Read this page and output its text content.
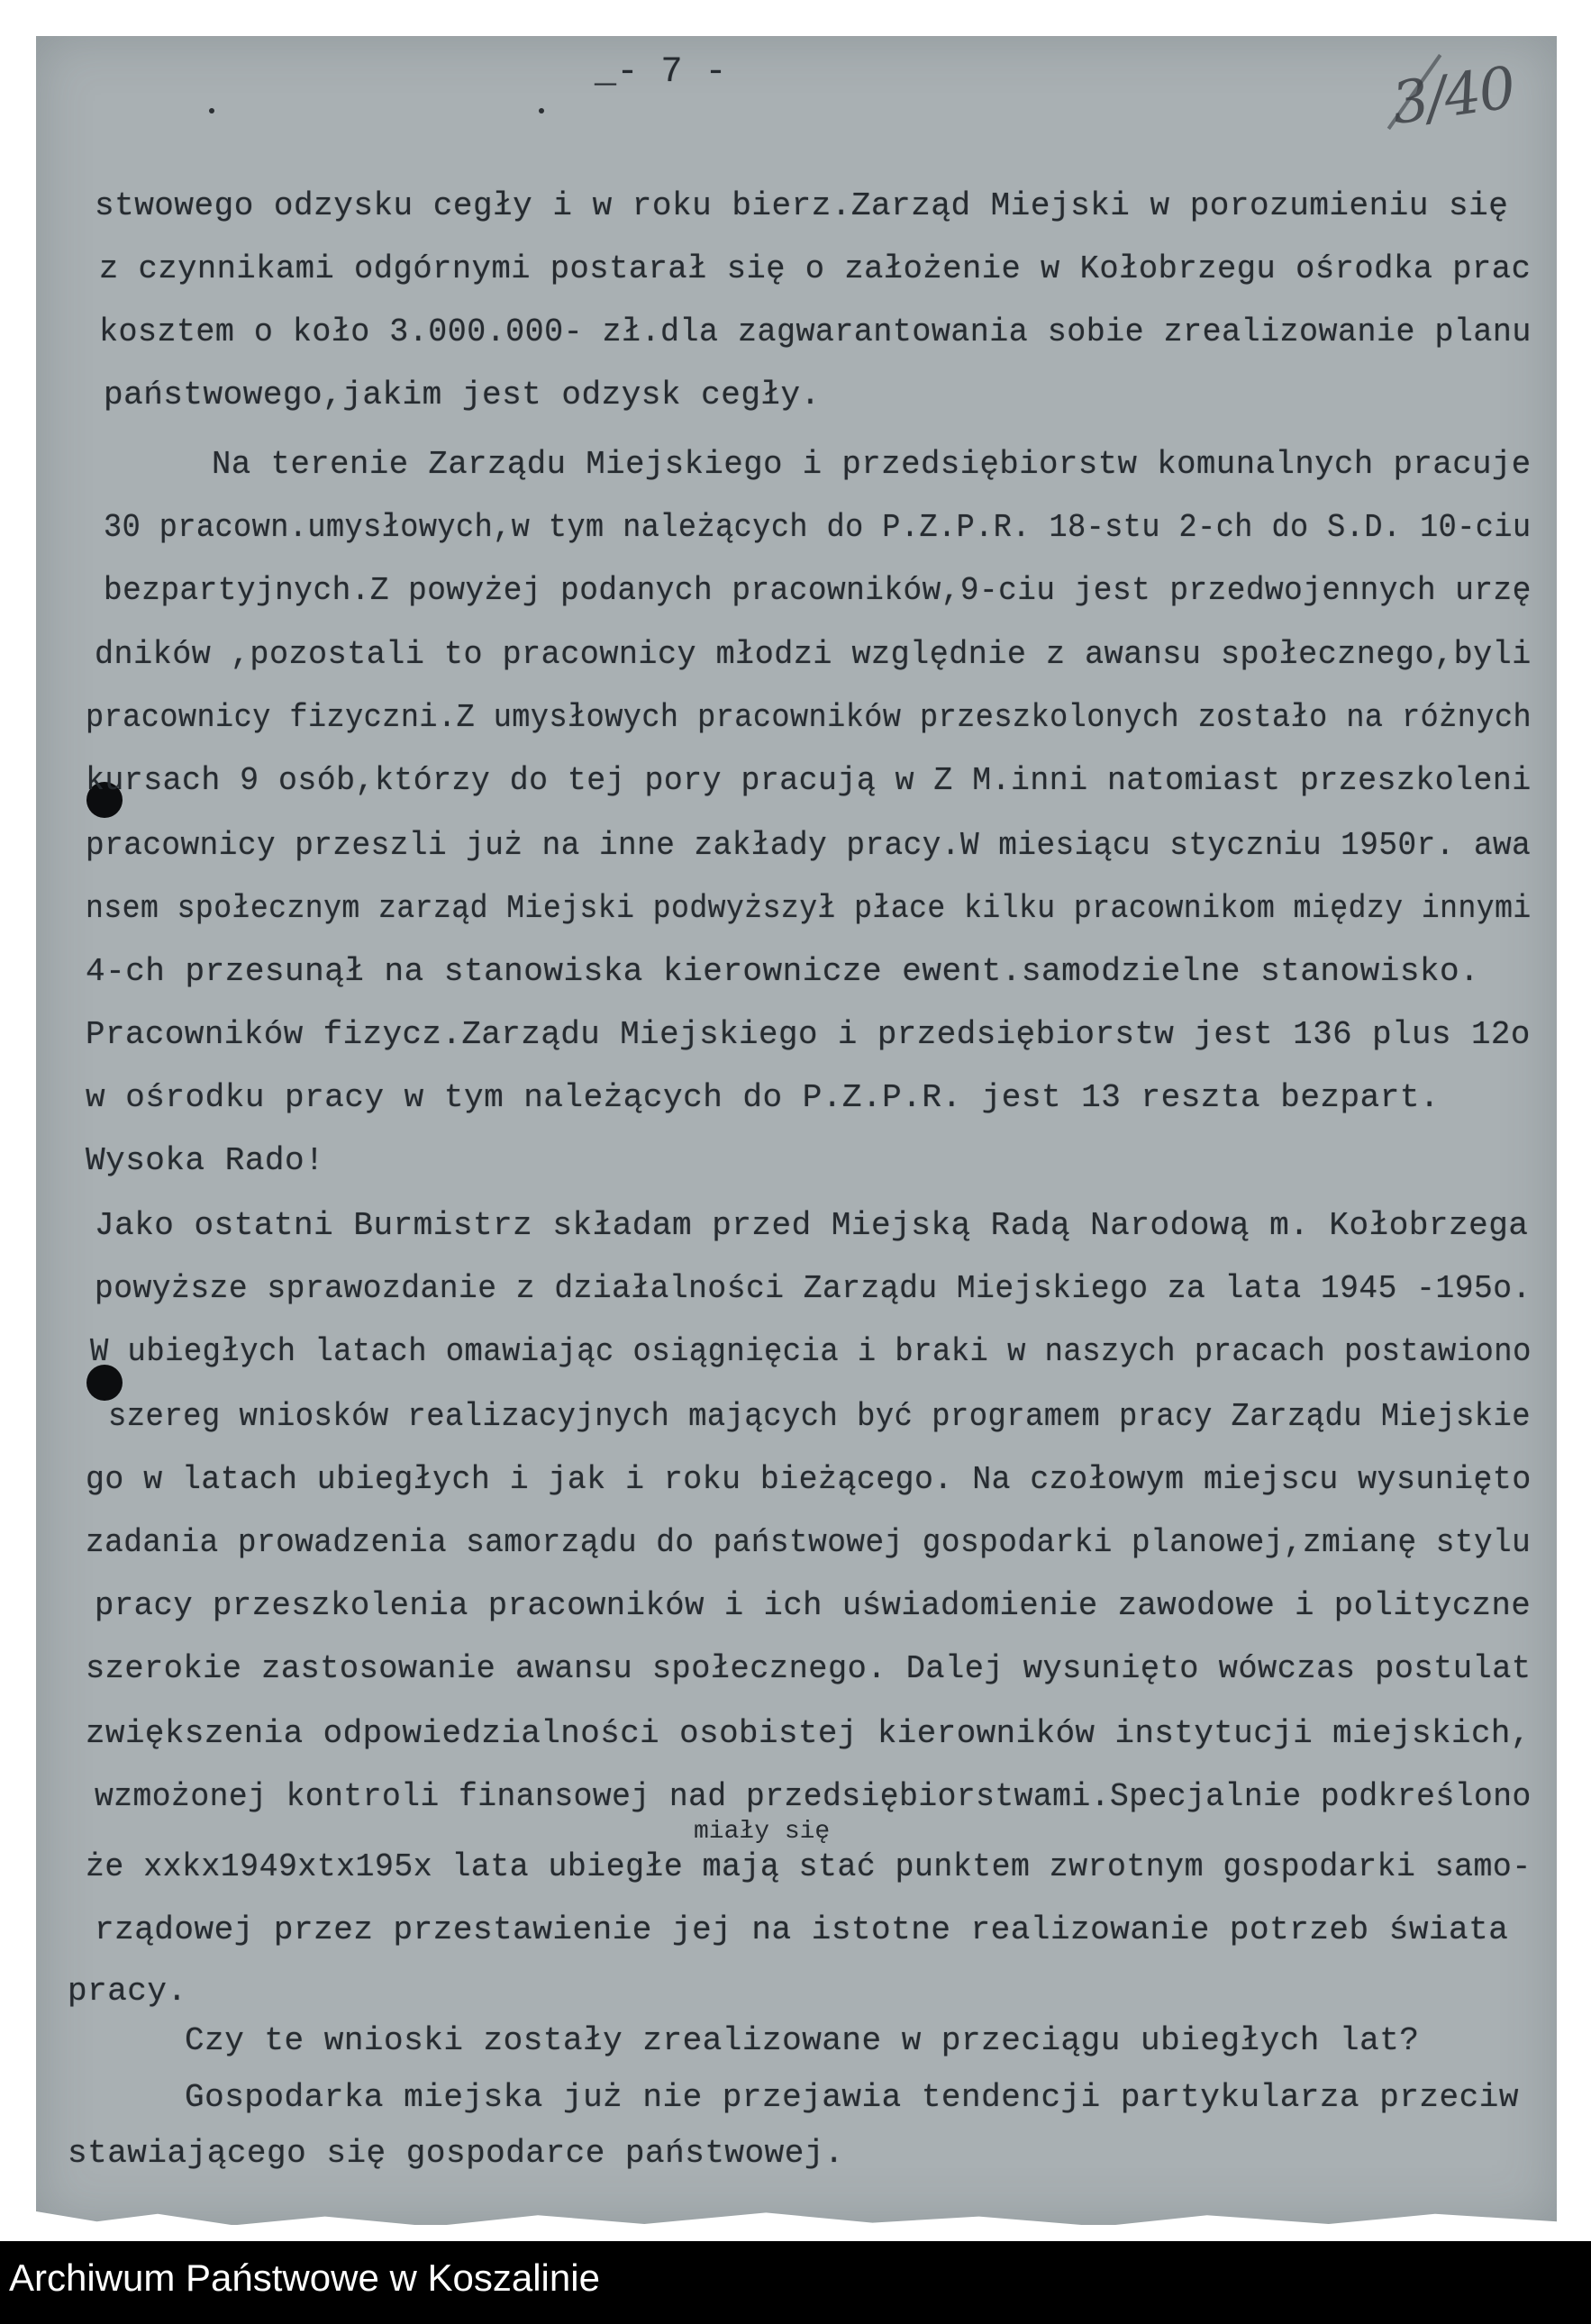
_- 7 -	3/40
stwowego odzysku cegły i w roku bierz.Zarząd Miejski w porozumieniu się
z czynnikami odgórnymi postarał się o założenie w Kołobrzegu ośrodka prac
kosztem o koło 3.000.000- zł.dla zagwarantowania sobie zrealizowanie planu
państwowego,jakim jest odzysk cegły.
Na terenie Zarządu Miejskiego i przedsiębiorstw komunalnych pracuje
30 pracown.umysłowych,w tym należących do P.Z.P.R. 18-stu 2-ch do S.D. 10-ciu
bezpartyjnych.Z powyżej podanych pracowników,9-ciu jest przedwojennych urzę
dników ,pozostali to pracownicy młodzi względnie z awansu społecznego,byli
pracownicy fizyczni.Z umysłowych pracowników przeszkolonych zostało na różnych
kursach 9 osób,którzy do tej pory pracują w Z M.inni natomiast przeszkoleni
pracownicy przeszli już na inne zakłady pracy.W miesiącu styczniu 1950r. awa
nsem społecznym zarząd Miejski podwyższył płace kilku pracownikom między innymi
4-ch przesunął na stanowiska kierownicze ewent.samodzielne stanowisko.
Pracowników fizycz.Zarządu Miejskiego i przedsiębiorstw jest 136 plus 12o
w ośrodku pracy w tym należących do P.Z.P.R. jest 13 reszta bezpart.
Wysoka Rado!
Jako ostatni Burmistrz składam przed Miejską Radą Narodową m. Kołobrzega
powyższe sprawozdanie z działalności Zarządu Miejskiego za lata 1945 -195o.
W ubiegłych latach omawiając osiągnięcia i braki w naszych pracach postawiono
szereg wniosków realizacyjnych mających być programem pracy Zarządu Miejskie
go w latach ubiegłych i jak i roku bieżącego. Na czołowym miejscu wysunięto
zadania prowadzenia samorządu do państwowej gospodarki planowej,zmianę stylu
pracy przeszkolenia pracowników i ich uświadomienie zawodowe i polityczne
szerokie zastosowanie awansu społecznego. Dalej wysunięto wówczas postulat
zwiększenia odpowiedzialności osobistej kierowników instytucji miejskich,
wzmożonej kontroli finansowej nad przedsiębiorstwami.Specjalnie podkreślono
miały się
że xxkx1949xtx195x lata ubiegłe mają stać punktem zwrotnym gospodarki samo-
rządowej przez przestawienie jej na istotne realizowanie potrzeb świata
pracy.
Czy te wnioski zostały zrealizowane w przeciągu ubiegłych lat?
Gospodarka miejska już nie przejawia tendencji partykularza przeciw
stawiającego się gospodarce państwowej.
Archiwum Państwowe w Koszalinie
